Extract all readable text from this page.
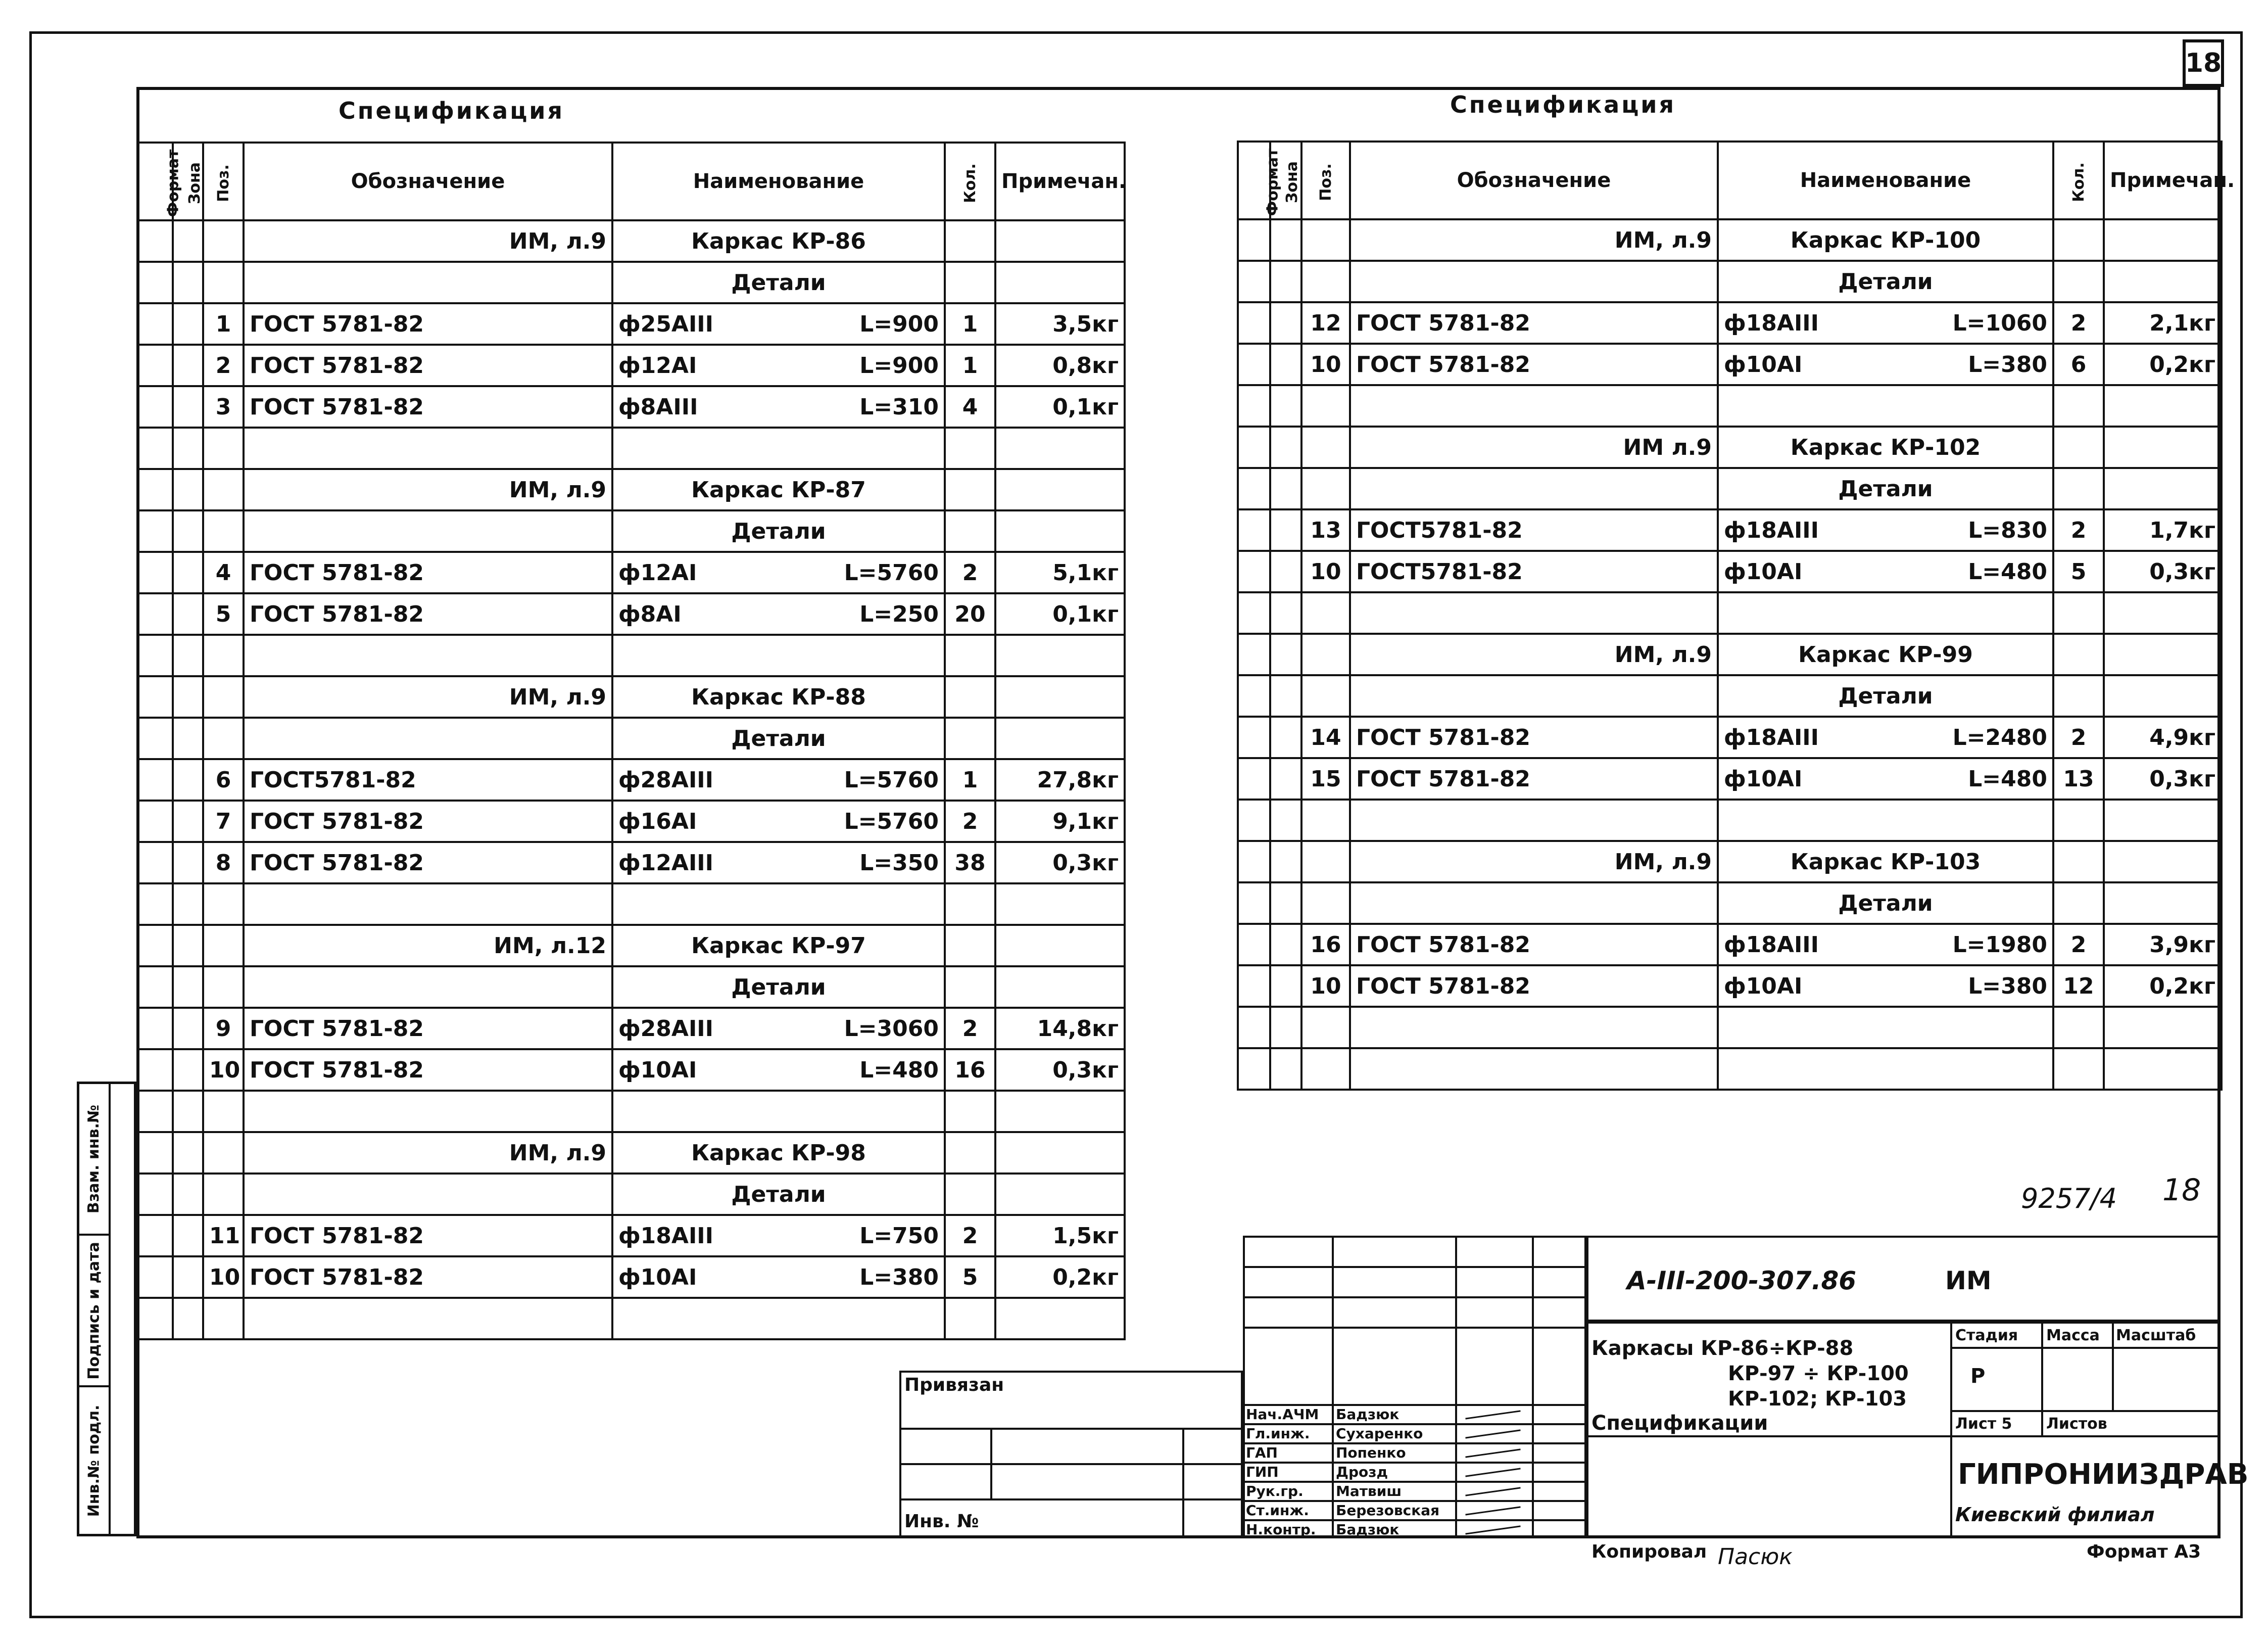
18
Спецификация
Формат	Зона	Поз.	Обозначение	Наименование	Кол.	Примечан.
			ИМ, л.9	Каркас КР-86		

				Детали		

		1	ГОСТ 5781-82	ф25АIII L=900	1	3,5кг
		2	ГОСТ 5781-82	ф12АI L=900	1	0,8кг
		3	ГОСТ 5781-82	ф8АIII L=310	4	0,1кг

			ИМ, л.9	Каркас КР-87		

				Детали		

		4	ГОСТ 5781-82	ф12АI L=5760	2	5,1кг
		5	ГОСТ 5781-82	ф8АI L=250	20	0,1кг

			ИМ, л.9	Каркас КР-88		

				Детали		

		6	ГОСТ5781-82	ф28АIII L=5760	1	27,8кг
		7	ГОСТ 5781-82	ф16АI L=5760	2	9,1кг
		8	ГОСТ 5781-82	ф12АIII L=350	38	0,3кг

			ИМ, л.12	Каркас КР-97		

				Детали		

		9	ГОСТ 5781-82	ф28АIII L=3060	2	14,8кг
		10	ГОСТ 5781-82	ф10АI L=480	16	0,3кг

			ИМ, л.9	Каркас КР-98		

				Детали		

		11	ГОСТ 5781-82	ф18АIII L=750	2	1,5кг
		10	ГОСТ 5781-82	ф10АI L=380	5	0,2кг

Спецификация
Формат	Зона	Поз.	Обозначение	Наименование	Кол.	Примечан.
			ИМ, л.9	Каркас КР-100		

				Детали		

		12	ГОСТ 5781-82	ф18АIII L=1060	2	2,1кг
		10	ГОСТ 5781-82	ф10АI L=380	6	0,2кг

			ИМ л.9	Каркас КР-102		

				Детали		

		13	ГОСТ5781-82	ф18АIII L=830	2	1,7кг
		10	ГОСТ5781-82	ф10АI L=480	5	0,3кг

			ИМ, л.9	Каркас КР-99		

				Детали		

		14	ГОСТ 5781-82	ф18АIII L=2480	2	4,9кг
		15	ГОСТ 5781-82	ф10АI L=480	13	0,3кг

			ИМ, л.9	Каркас КР-103		

				Детали		

		16	ГОСТ 5781-82	ф18АIII L=1980	2	3,9кг
		10	ГОСТ 5781-82	ф10АI L=380	12	0,2кг

Взам. инв.№
Подпись и дата
Инв.№ подл.
9257/4 18
Нач.АЧМ Бадзюк
Гл.инж. Сухаренко
ГАП	Попенко
ГИП	Дрозд
Рук.гр. Матвиш
Ст.инж. Березовская
Н.контр. Бадзюк
Привязан
Инв. №
А-III-200-307.86	ИМ
Каркасы КР-86÷КР-88
КР-97 ÷ КР-100
КР-102; КР-103
Спецификации
Стадия Масса Масштаб
Р
Лист 5 Листов
ГИПРОНИИЗДРАВ
Киевский филиал
Копировал Пасюк	Формат А3
